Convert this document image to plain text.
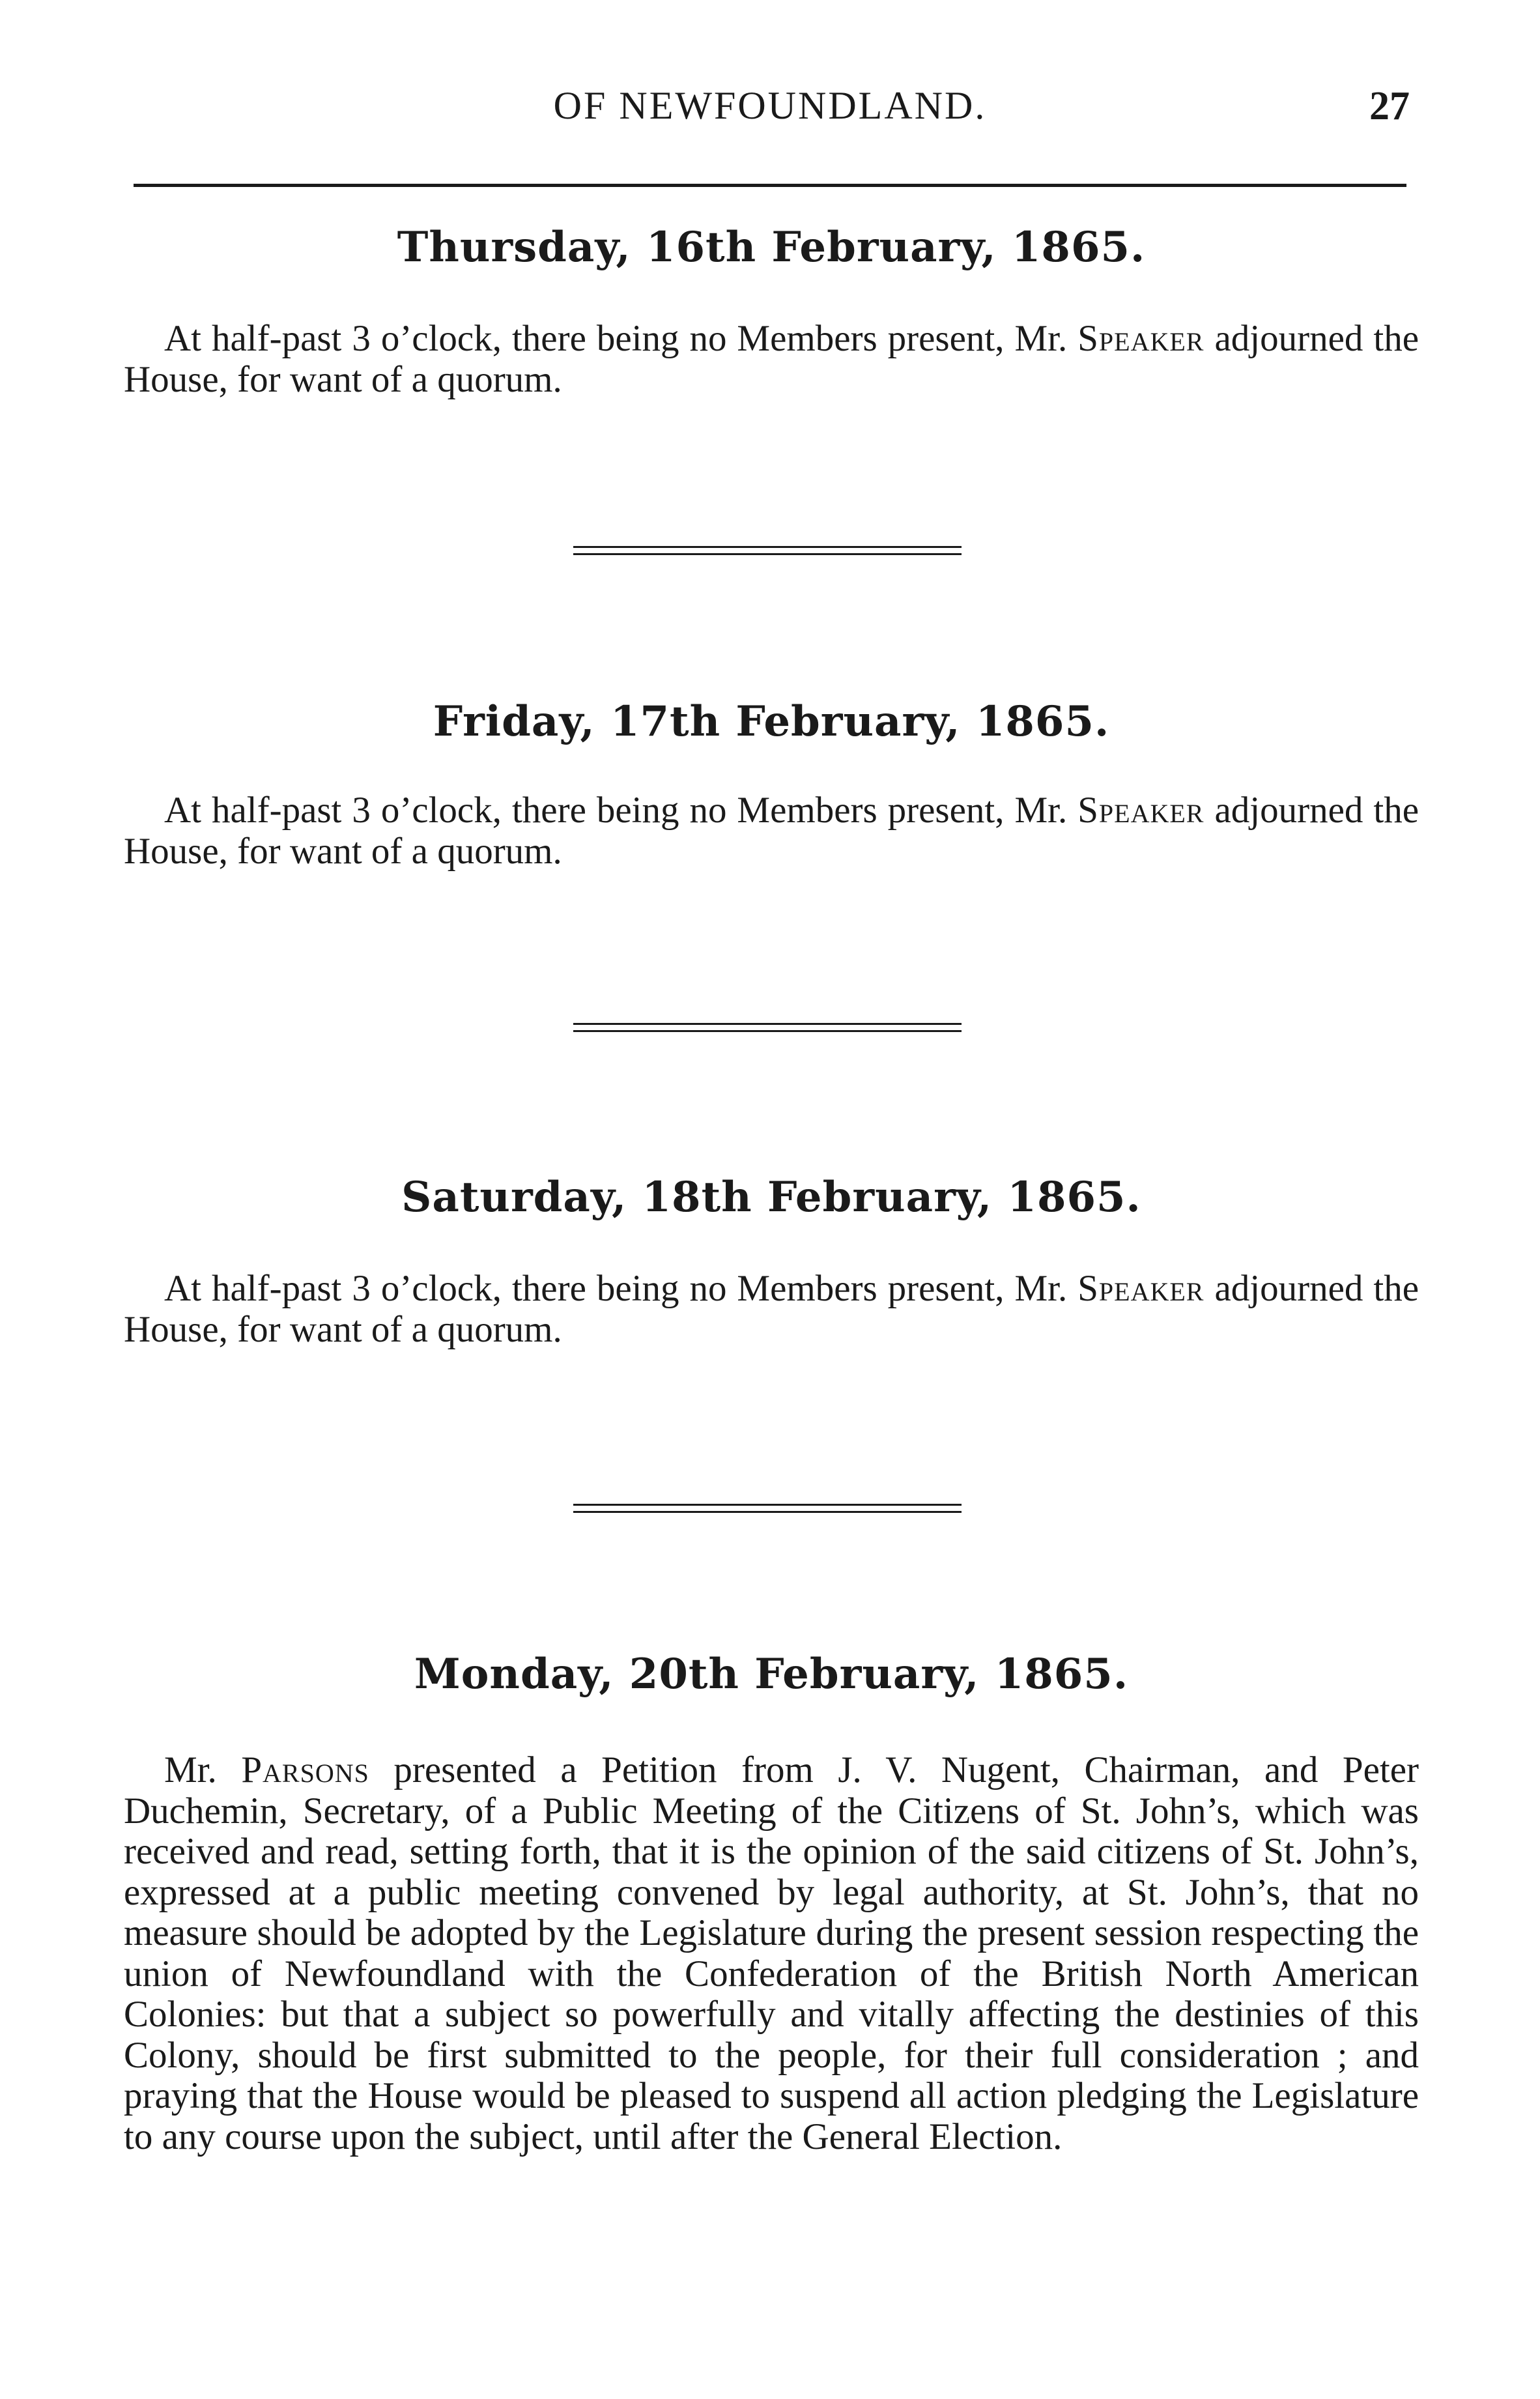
OF NEWFOUNDLAND.	27
Thursday, 16th February, 1865.

At half-past 3 o’clock, there being no Members present, Mr. Speaker adjourned the House, for want of a quorum.

Friday, 17th February, 1865.

At half-past 3 o’clock, there being no Members present, Mr. Speaker adjourned the House, for want of a quorum.

Saturday, 18th February, 1865.

At half-past 3 o’clock, there being no Members present, Mr. Speaker adjourned the House, for want of a quorum.

Monday, 20th February, 1865.

Mr. Parsons presented a Petition from J. V. Nugent, Chairman, and Peter Duchemin, Secretary, of a Public Meeting of the Citizens of St. John’s, which was received and read, setting forth, that it is the opinion of the said citizens of St. John’s, expressed at a public meeting convened by legal authority, at St. John’s, that no measure should be adopted by the Legislature during the present session respecting the union of Newfoundland with the Confederation of the British North American Colonies: but that a subject so powerfully and vitally affecting the destinies of this Colony, should be first submitted to the people, for their full consideration ; and praying that the House would be pleased to suspend all action pledging the Legislature to any course upon the subject, until after the General Election.
